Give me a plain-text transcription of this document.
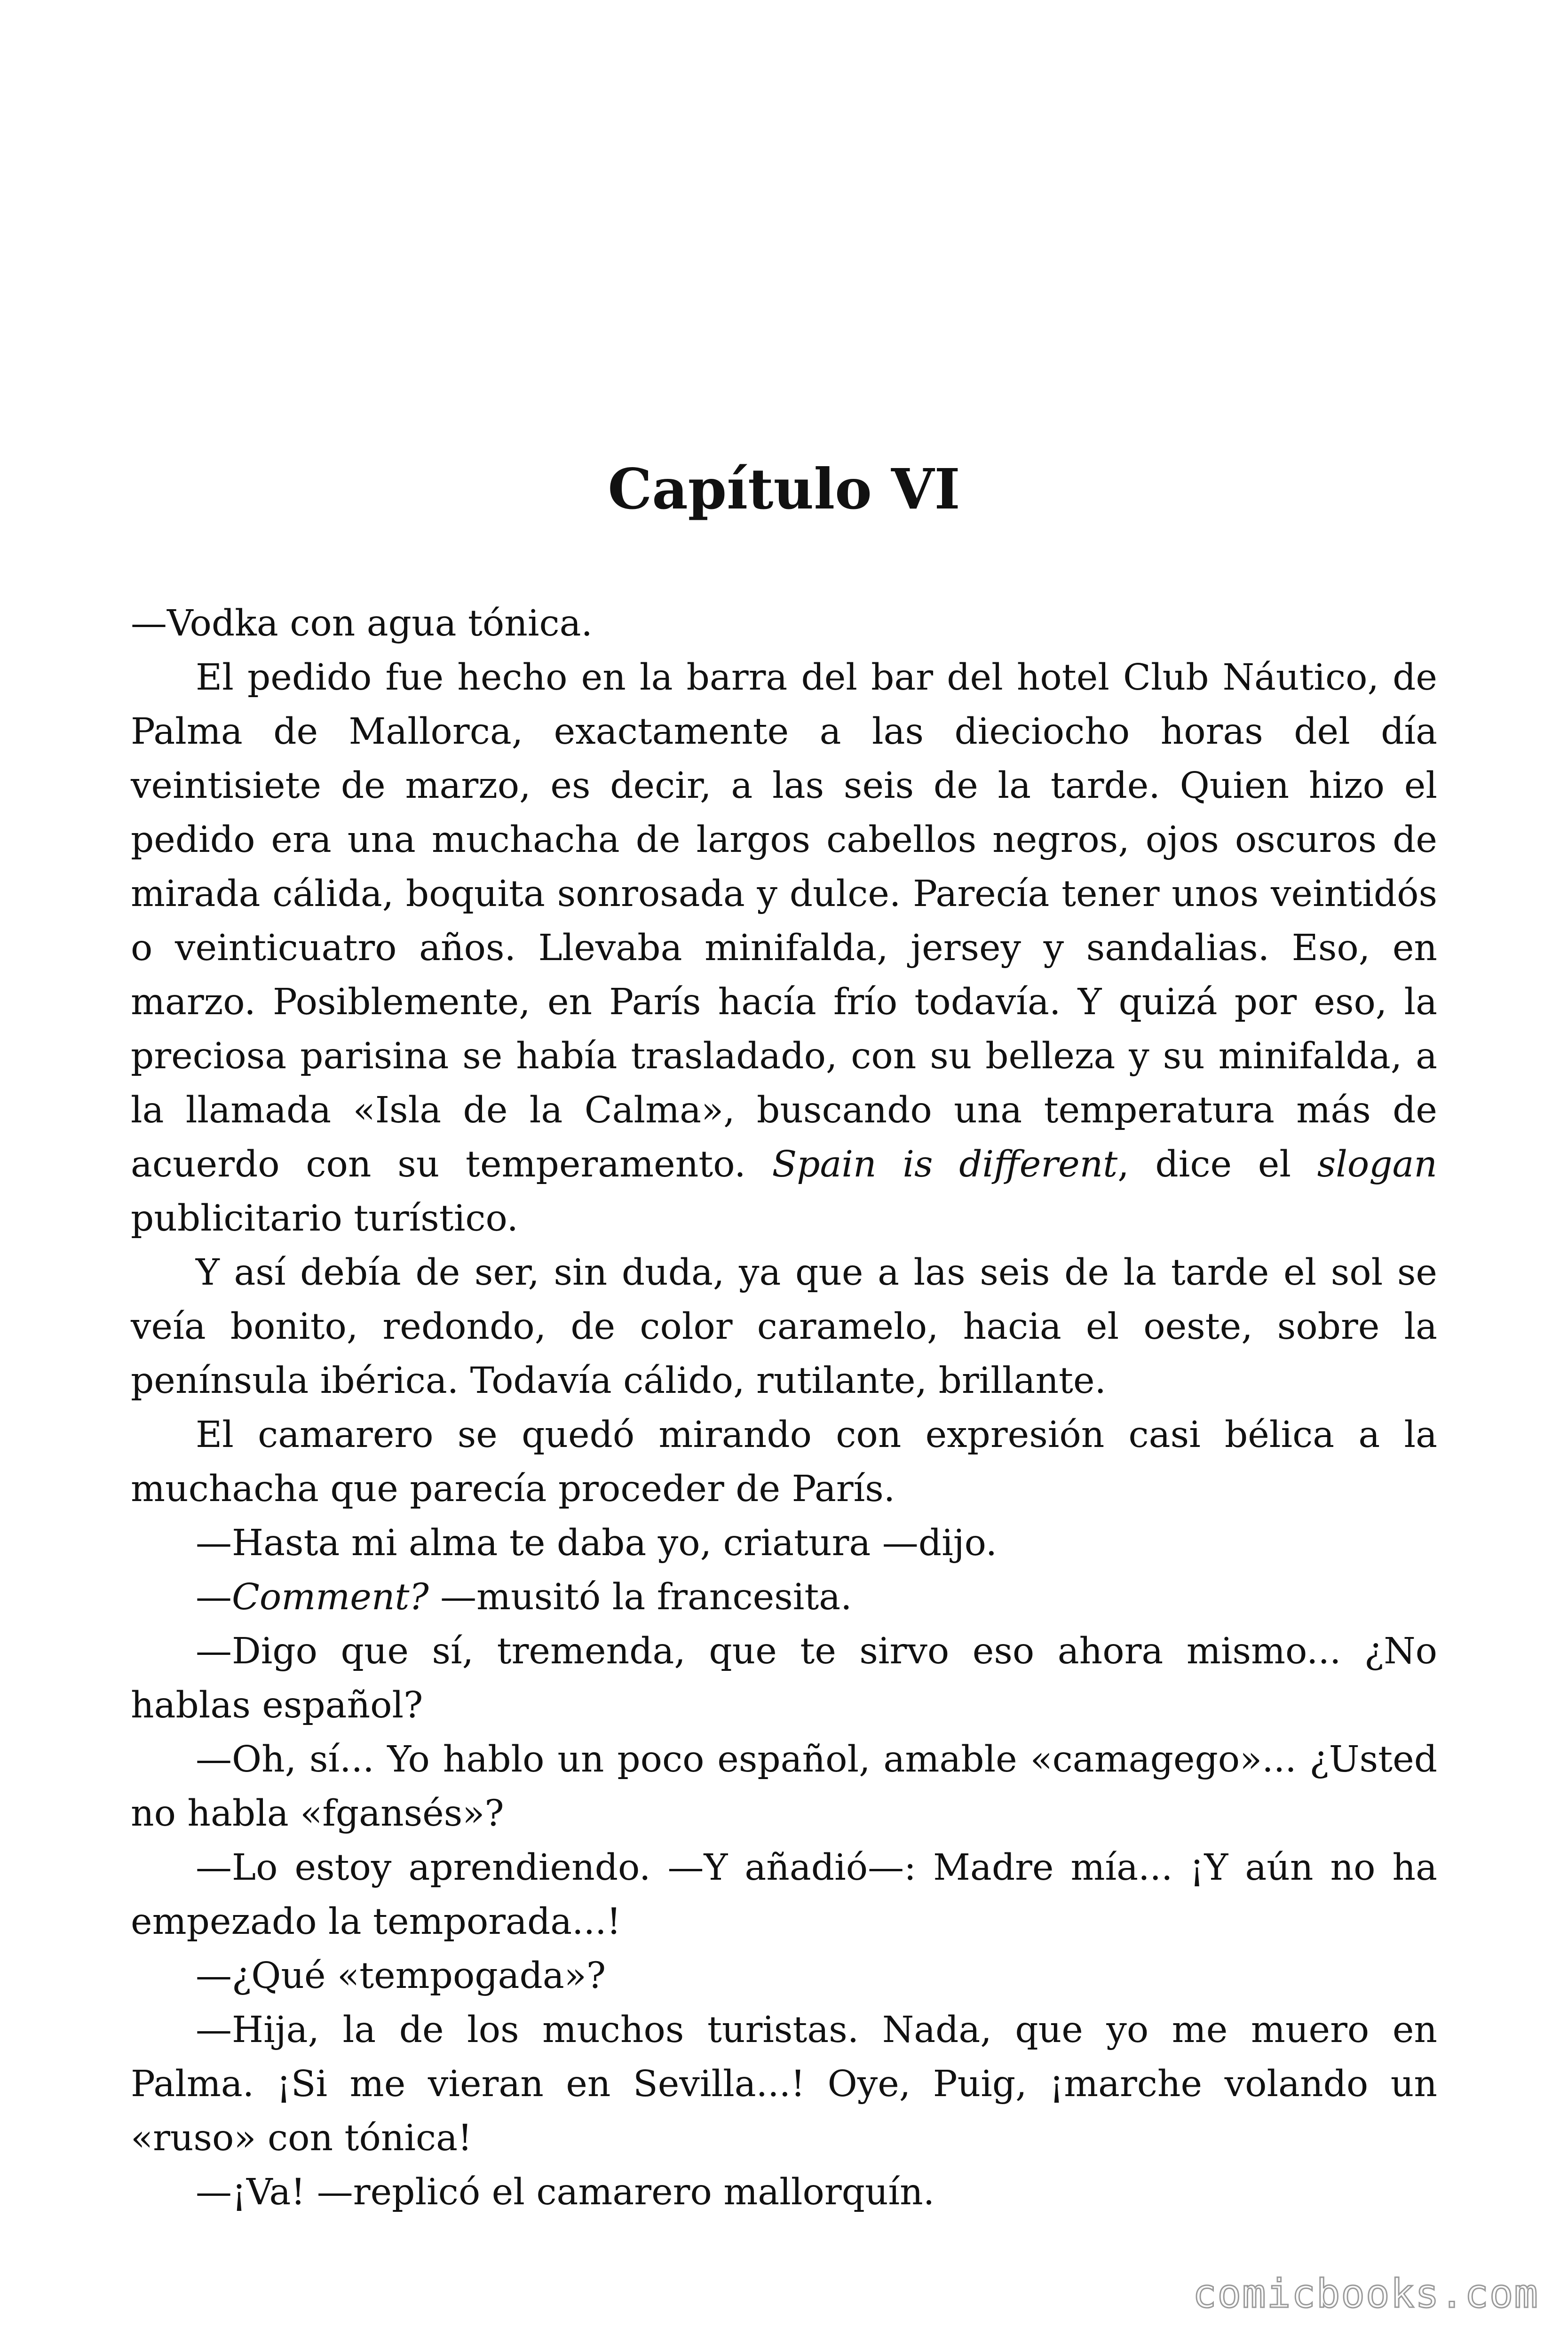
Capítulo VI

—Vodka con agua tónica.

El pedido fue hecho en la barra del bar del hotel Club Náutico, de Palma de Mallorca, exactamente a las dieciocho horas del día veintisiete de marzo, es decir, a las seis de la tarde. Quien hizo el pedido era una muchacha de largos cabellos negros, ojos oscuros de mirada cálida, boquita sonrosada y dulce. Parecía tener unos veintidós o veinticuatro años. Llevaba minifalda, jersey y sandalias. Eso, en marzo. Posiblemente, en París hacía frío todavía. Y quizá por eso, la preciosa parisina se había trasladado, con su belleza y su minifalda, a la llamada «Isla de la Calma», buscando una temperatura más de acuerdo con su temperamento. Spain is different, dice el slogan publicitario turístico.

Y así debía de ser, sin duda, ya que a las seis de la tarde el sol se veía bonito, redondo, de color caramelo, hacia el oeste, sobre la península ibérica. Todavía cálido, rutilante, brillante.

El camarero se quedó mirando con expresión casi bélica a la muchacha que parecía proceder de París.

—Hasta mi alma te daba yo, criatura —dijo.

—Comment? —musitó la francesita.

—Digo que sí, tremenda, que te sirvo eso ahora mismo... ¿No hablas español?

—Oh, sí... Yo hablo un poco español, amable «camagego»... ¿Usted no habla «fgansés»?

—Lo estoy aprendiendo. —Y añadió—: Madre mía... ¡Y aún no ha empezado la temporada...!

—¿Qué «tempogada»?

—Hija, la de los muchos turistas. Nada, que yo me muero en Palma. ¡Si me vieran en Sevilla...! Oye, Puig, ¡marche volando un «ruso» con tónica!

—¡Va! —replicó el camarero mallorquín.

comicbooks.com
